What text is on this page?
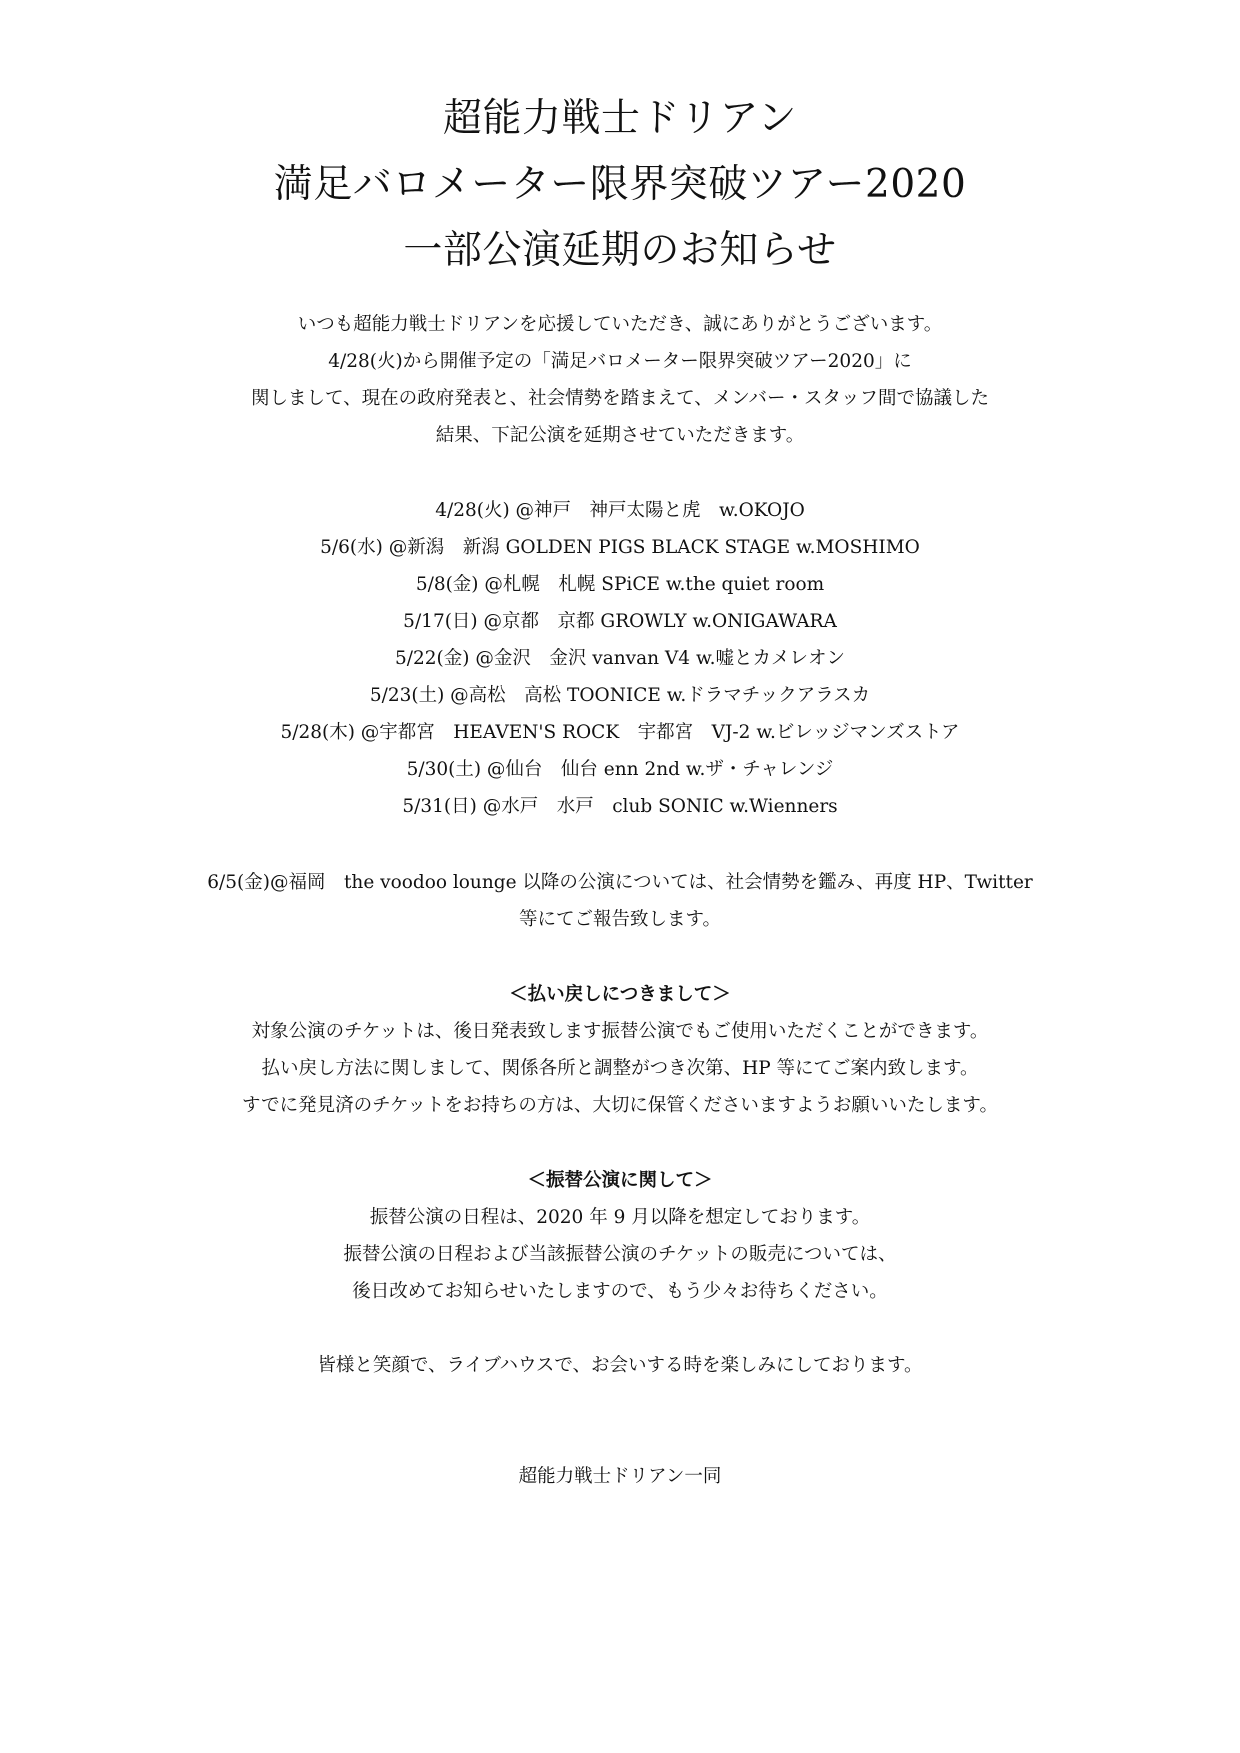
超能力戦士ドリアン
満足バロメーター限界突破ツアー2020
一部公演延期のお知らせ
いつも超能力戦士ドリアンを応援していただき、誠にありがとうございます。
4/28(火)から開催予定の「満足バロメーター限界突破ツアー2020」に
関しまして、現在の政府発表と、社会情勢を踏まえて、メンバー・スタッフ間で協議した
結果、下記公演を延期させていただきます。
4/28(火) @神戸　神戸太陽と虎　w.OKOJO
5/6(水) @新潟　新潟 GOLDEN PIGS BLACK STAGE w.MOSHIMO
5/8(金) @札幌　札幌 SPiCE w.the quiet room
5/17(日) @京都　京都 GROWLY w.ONIGAWARA
5/22(金) @金沢　金沢 vanvan V4 w.嘘とカメレオン
5/23(土) @高松　高松 TOONICE w.ドラマチックアラスカ
5/28(木) @宇都宮　HEAVEN'S ROCK　宇都宮　VJ-2 w.ビレッジマンズストア
5/30(土) @仙台　仙台 enn 2nd w.ザ・チャレンジ
5/31(日) @水戸　水戸　club SONIC w.Wienners
6/5(金)@福岡　the voodoo lounge 以降の公演については、社会情勢を鑑み、再度 HP、Twitter
等にてご報告致します。
＜払い戻しにつきまして＞
対象公演のチケットは、後日発表致します振替公演でもご使用いただくことができます。
払い戻し方法に関しまして、関係各所と調整がつき次第、HP 等にてご案内致します。
すでに発見済のチケットをお持ちの方は、大切に保管くださいますようお願いいたします。
＜振替公演に関して＞
振替公演の日程は、2020 年 9 月以降を想定しております。
振替公演の日程および当該振替公演のチケットの販売については、
後日改めてお知らせいたしますので、もう少々お待ちください。
皆様と笑顔で、ライブハウスで、お会いする時を楽しみにしております。
超能力戦士ドリアン一同
